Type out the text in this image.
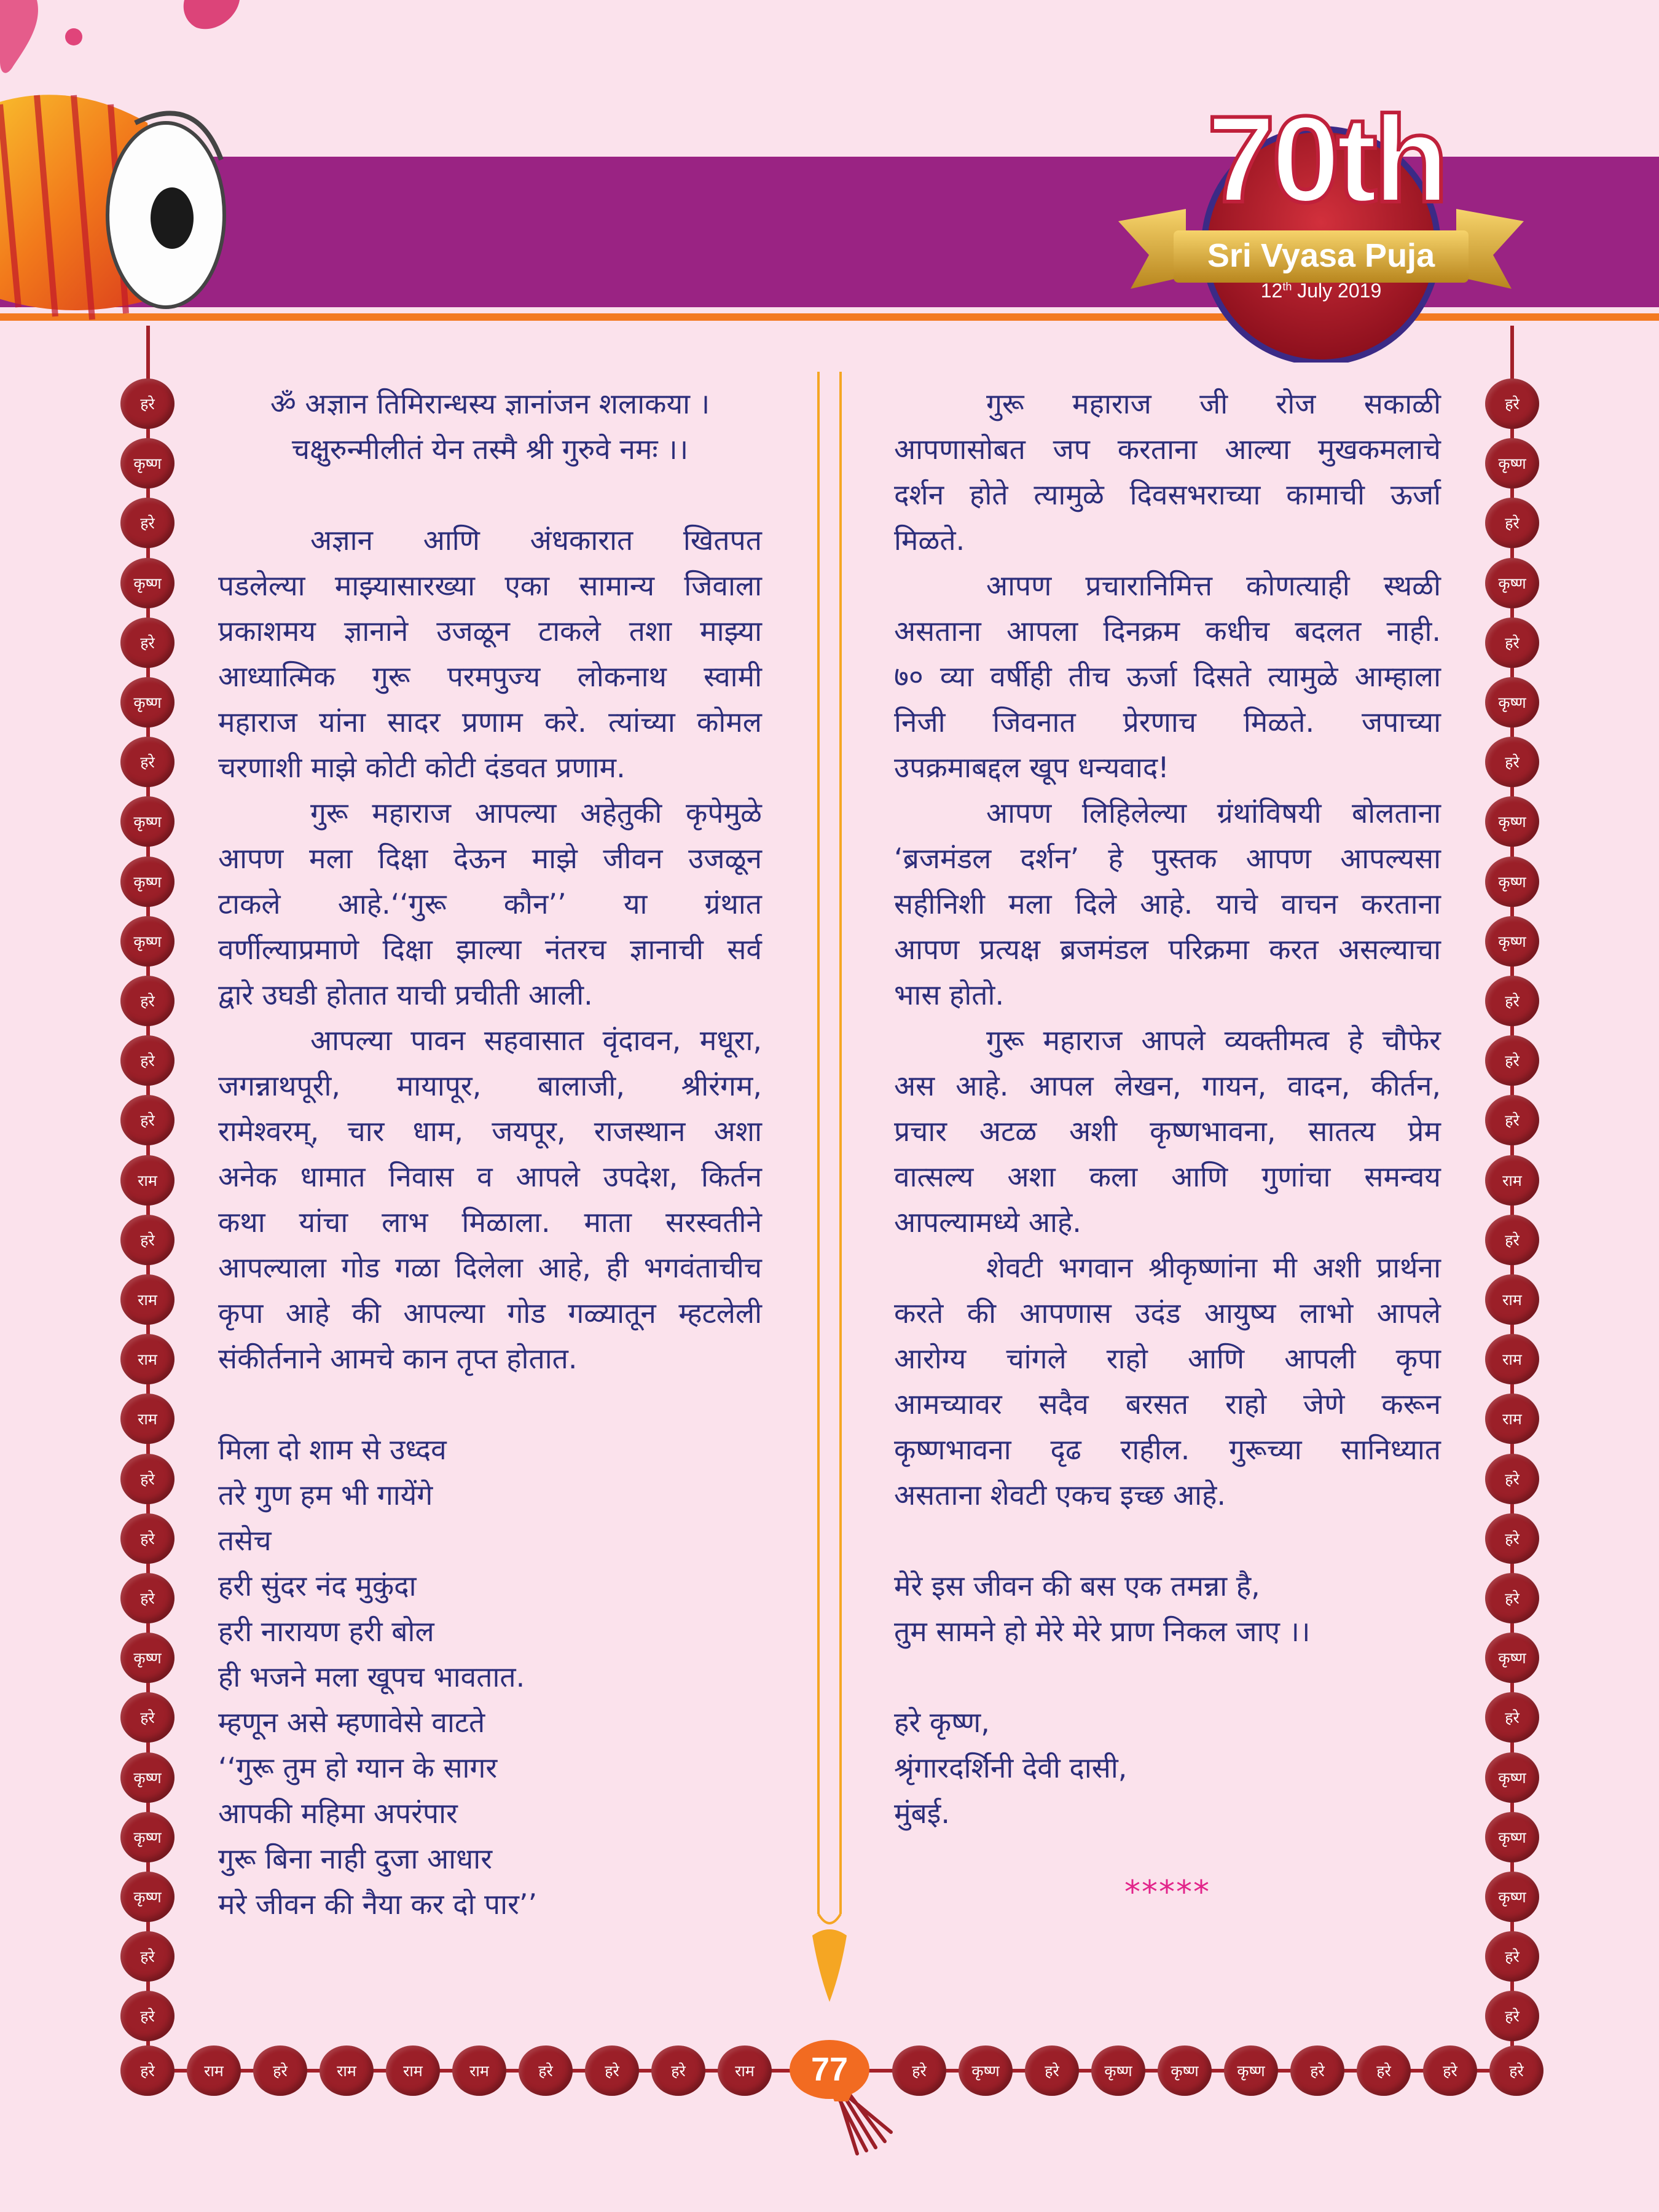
70th
Sri Vyasa Puja
12th July 2019
हरे
कृष्ण
हरे
कृष्ण
हरे
कृष्ण
हरे
कृष्ण
कृष्ण
कृष्ण
हरे
हरे
हरे
राम
हरे
राम
राम
राम
हरे
हरे
हरे
कृष्ण
हरे
कृष्ण
कृष्ण
कृष्ण
हरे
हरे
हरे
कृष्ण
हरे
कृष्ण
हरे
कृष्ण
हरे
कृष्ण
कृष्ण
कृष्ण
हरे
हरे
हरे
राम
हरे
राम
राम
राम
हरे
हरे
हरे
कृष्ण
हरे
कृष्ण
कृष्ण
कृष्ण
हरे
हरे
हरे	राम	हरे	राम	राम	राम	हरे	हरे	हरे	राम	हरे	कृष्ण	हरे	कृष्ण	कृष्ण	कृष्ण	हरे	हरे	हरे	हरे
77

ॐ अज्ञान तिमिरान्धस्य ज्ञानांजन शलाकया ।

चक्षुरुन्मीलीतं येन तस्मै श्री गुरुवे नमः ।।

अज्ञान आणि अंधकारात खितपत

पडलेल्या माझ्यासारख्या एका सामान्य जिवाला

प्रकाशमय ज्ञानाने उजळून टाकले तशा माझ्या

आध्यात्मिक गुरू परमपुज्य लोकनाथ स्वामी

महाराज यांना सादर प्रणाम करे. त्यांच्या कोमल

चरणाशी माझे कोटी कोटी दंडवत प्रणाम.

गुरू महाराज आपल्या अहेतुकी कृपेमुळे

आपण मला दिक्षा देऊन माझे जीवन उजळून

टाकले आहे.‘‘गुरू कौन’’ या ग्रंथात

वर्णील्याप्रमाणे दिक्षा झाल्या नंतरच ज्ञानाची सर्व

द्वारे उघडी होतात याची प्रचीती आली.

आपल्या पावन सहवासात वृंदावन, मधूरा,

जगन्नाथपूरी, मायापूर, बालाजी, श्रीरंगम,

रामेश्वरम्, चार धाम, जयपूर, राजस्थान अशा

अनेक धामात निवास व आपले उपदेश, किर्तन

कथा यांचा लाभ मिळाला. माता सरस्वतीने

आपल्याला गोड गळा दिलेला आहे, ही भगवंताचीच

कृपा आहे की आपल्या गोड गळ्यातून म्हटलेली

संकीर्तनाने आमचे कान तृप्त होतात.

मिला दो शाम से उध्दव

तरे गुण हम भी गायेंगे

तसेच

हरी सुंदर नंद मुकुंदा

हरी नारायण हरी बोल

ही भजने मला खूपच भावतात.

म्हणून असे म्हणावेसे वाटते

‘‘गुरू तुम हो ग्यान के सागर

आपकी महिमा अपरंपार

गुरू बिना नाही दुजा आधार

मरे जीवन की नैया कर दो पार’’

गुरू महाराज जी रोज सकाळी

आपणासोबत जप करताना आल्या मुखकमलाचे

दर्शन होते त्यामुळे दिवसभराच्या कामाची ऊर्जा

मिळते.

आपण प्रचारानिमित्त कोणत्याही स्थळी

असताना आपला दिनक्रम कधीच बदलत नाही.

७० व्या वर्षीही तीच ऊर्जा दिसते त्यामुळे आम्हाला

निजी जिवनात प्रेरणाच मिळते. जपाच्या

उपक्रमाबद्दल खूप धन्यवाद!

आपण लिहिलेल्या ग्रंथांविषयी बोलताना

‘ब्रजमंडल दर्शन’ हे पुस्तक आपण आपल्यसा

सहीनिशी मला दिले आहे. याचे वाचन करताना

आपण प्रत्यक्ष ब्रजमंडल परिक्रमा करत असल्याचा

भास होतो.

गुरू महाराज आपले व्यक्तीमत्व हे चौफेर

अस आहे. आपल लेखन, गायन, वादन, कीर्तन,

प्रचार अटळ अशी कृष्णभावना, सातत्य प्रेम

वात्सल्य अशा कला आणि गुणांचा समन्वय

आपल्यामध्ये आहे.

शेवटी भगवान श्रीकृष्णांना मी अशी प्रार्थना

करते की आपणास उदंड आयुष्य लाभो आपले

आरोग्य चांगले राहो आणि आपली कृपा

आमच्यावर सदैव बरसत राहो जेणे करून

कृष्णभावना दृढ राहील. गुरूच्या सानिध्यात

असताना शेवटी एकच इच्छ आहे.

मेरे इस जीवन की बस एक तमन्ना है,

तुम सामने हो मेरे मेरे प्राण निकल जाए ।।

हरे कृष्ण,

श्रृंगारदर्शिनी देवी दासी,

मुंबई.

*****
